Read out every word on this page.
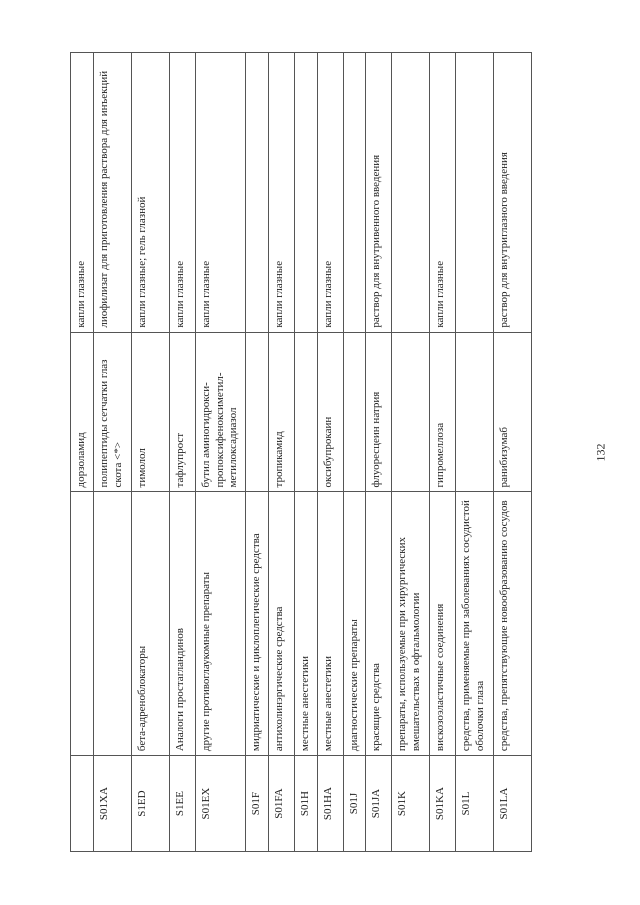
		дорзоламид	капли глазные
S01XA		полипептиды сетчатки глаз скота <*>	лиофилизат для приготовления раствора для инъекций
S1ED	бета-адреноблокаторы	тимолол	капли глазные; гель глазной
S1EE	Аналоги простагландинов	тафлупрост	капли глазные
S01EX	другие противоглаукомные препараты	бутил аминогидрокси-пропоксифеноксиметил-метилоксадиазол	капли глазные
S01F	мидриатические и циклоплегические средства		
S01FA	антихолинэргические средства	тропикамид	капли глазные
S01H	местные анестетики		
S01HA	местные анестетики	оксибупрокаин	капли глазные
S01J	диагностические препараты		
S01JA	красящие средства	флуоресцеин натрия	раствор для внутривенного введения
S01K	препараты, используемые при хирургических вмешательствах в офтальмологии		
S01KA	вискозоэластичные соединения	гипромеллоза	капли глазные
S01L	средства, применяемые при заболеваниях сосудистой оболочки глаза		
S01LA	средства, препятствующие новообразованию сосудов	ранибизумаб	раствор для внутриглазного введения
132
